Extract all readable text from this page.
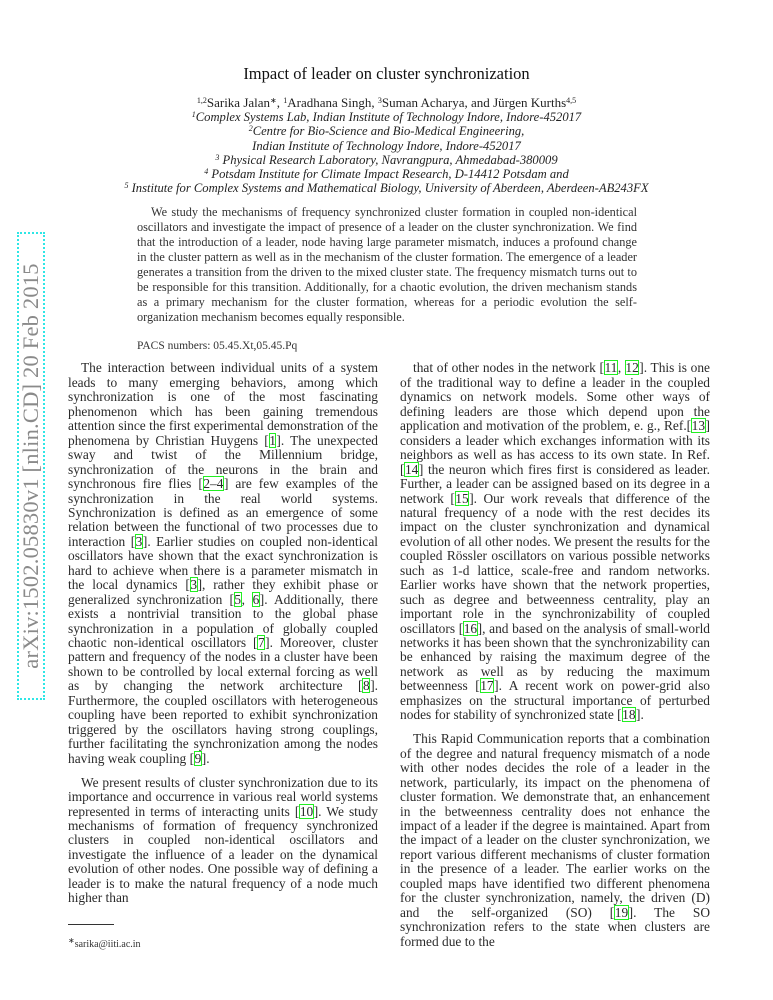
arXiv:1502.05830v1 [nlin.CD] 20 Feb 2015
Impact of leader on cluster synchronization
$^{1,2}$Sarika Jalan∗, $^1$Aradhana Singh, $^3$Suman Acharya, and Jürgen Kurths$^{4,5}$
$^1$Complex Systems Lab, Indian Institute of Technology Indore, Indore-452017
$^2$Centre for Bio-Science and Bio-Medical Engineering,
Indian Institute of Technology Indore, Indore-452017
$^3$ Physical Research Laboratory, Navrangpura, Ahmedabad-380009
$^4$ Potsdam Institute for Climate Impact Research, D-14412 Potsdam and
$^5$ Institute for Complex Systems and Mathematical Biology, University of Aberdeen, Aberdeen-AB243FX
We study the mechanisms of frequency synchronized cluster formation in coupled non-identical oscillators and investigate the impact of presence of a leader on the cluster synchronization. We find that the introduction of a leader, node having large parameter mismatch, induces a profound change in the cluster pattern as well as in the mechanism of the cluster formation. The emergence of a leader generates a transition from the driven to the mixed cluster state. The frequency mismatch turns out to be responsible for this transition. Additionally, for a chaotic evolution, the driven mechanism stands as a primary mechanism for the cluster formation, whereas for a periodic evolution the self-organization mechanism becomes equally responsible.
PACS numbers: 05.45.Xt,05.45.Pq

The interaction between individual units of a system leads to many emerging behaviors, among which synchronization is one of the most fascinating phenomenon which has been gaining tremendous attention since the first experimental demonstration of the phenomena by Christian Huygens [1]. The unexpected sway and twist of the Millennium bridge, synchronization of the neurons in the brain and synchronous fire flies [2–4] are few examples of the synchronization in the real world systems. Synchronization is defined as an emergence of some relation between the functional of two processes due to interaction [3]. Earlier studies on coupled non-identical oscillators have shown that the exact synchronization is hard to achieve when there is a parameter mismatch in the local dynamics [3], rather they exhibit phase or generalized synchronization [5, 6]. Additionally, there exists a nontrivial transition to the global phase synchronization in a population of globally coupled chaotic non-identical oscillators [7]. Moreover, cluster pattern and frequency of the nodes in a cluster have been shown to be controlled by local external forcing as well as by changing the network architecture [8]. Furthermore, the coupled oscillators with heterogeneous coupling have been reported to exhibit synchronization triggered by the oscillators having strong couplings, further facilitating the synchronization among the nodes having weak coupling [9].

We present results of cluster synchronization due to its importance and occurrence in various real world systems represented in terms of interacting units [10]. We study mechanisms of formation of frequency synchronized clusters in coupled non-identical oscillators and investigate the influence of a leader on the dynamical evolution of other nodes. One possible way of defining a leader is to make the natural frequency of a node much higher than

∗sarika@iiti.ac.in

that of other nodes in the network [11, 12]. This is one of the traditional way to define a leader in the coupled dynamics on network models. Some other ways of defining leaders are those which depend upon the application and motivation of the problem, e. g., Ref.[13] considers a leader which exchanges information with its neighbors as well as has access to its own state. In Ref.[14] the neuron which fires first is considered as leader. Further, a leader can be assigned based on its degree in a network [15]. Our work reveals that difference of the natural frequency of a node with the rest decides its impact on the cluster synchronization and dynamical evolution of all other nodes. We present the results for the coupled Rössler oscillators on various possible networks such as 1-d lattice, scale-free and random networks. Earlier works have shown that the network properties, such as degree and betweenness centrality, play an important role in the synchronizability of coupled oscillators [16], and based on the analysis of small-world networks it has been shown that the synchronizability can be enhanced by raising the maximum degree of the network as well as by reducing the maximum betweenness [17]. A recent work on power-grid also emphasizes on the structural importance of perturbed nodes for stability of synchronized state [18].

This Rapid Communication reports that a combination of the degree and natural frequency mismatch of a node with other nodes decides the role of a leader in the network, particularly, its impact on the phenomena of cluster formation. We demonstrate that, an enhancement in the betweenness centrality does not enhance the impact of a leader if the degree is maintained. Apart from the impact of a leader on the cluster synchronization, we report various different mechanisms of cluster formation in the presence of a leader. The earlier works on the coupled maps have identified two different phenomena for the cluster synchronization, namely, the driven (D) and the self-organized (SO) [19]. The SO synchronization refers to the state when clusters are formed due to the
